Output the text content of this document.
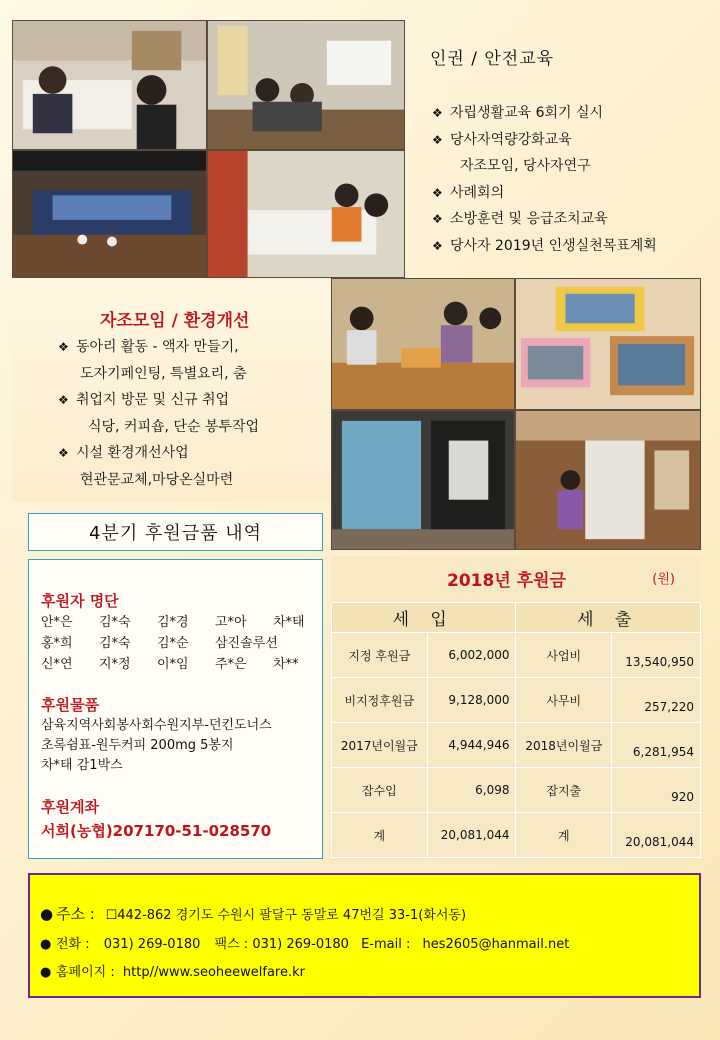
인권 / 안전교육
❖ 자립생활교육 6회기 실시
❖ 당사자역량강화교육
자조모임, 당사자연구
❖ 사례회의
❖ 소방훈련 및 응급조치교육
❖ 당사자 2019년 인생실천목표계획
자조모임 / 환경개선
❖ 동아리 활동 - 액자 만들기,
도자기페인팅, 특별요리, 춤
❖ 취업지 방문 및 신규 취업
식당, 커피숍, 단순 봉투작업
❖ 시설 환경개선사업
현관문교체,마당온실마련
4분기 후원금품 내역
후원자 명단
안*은	김*숙	김*경	고*아	차*태
홍*희	김*숙	김*순	삼진솔루션
신*연	지*정	이*임	주*은	차**
후원물품
삼육지역사회봉사회수원지부-던킨도너스
초록쉼표-원두커피 200mg 5봉지
차*태 감1박스
후원계좌
서희(농협)207170-51-028570
2018년 후원금	(원)
세 입		세 출	
지정 후원금	6,002,000	사업비	13,540,950
비지정후원금	9,128,000	사무비	257,220
2017년이월금	4,944,946	2018년이월금	6,281,954
잡수입	6,098	잡지출	920
계	20,081,044	계	20,081,044
● 주소 : ☐442-862 경기도 수원시 팔달구 동말로 47번길 33-1(화서동)
● 전화 : 031) 269-0180 팩스 : 031) 269-0180 E-mail : hes2605@hanmail.net
● 홈페이지 : http//www.seoheewelfare.kr
